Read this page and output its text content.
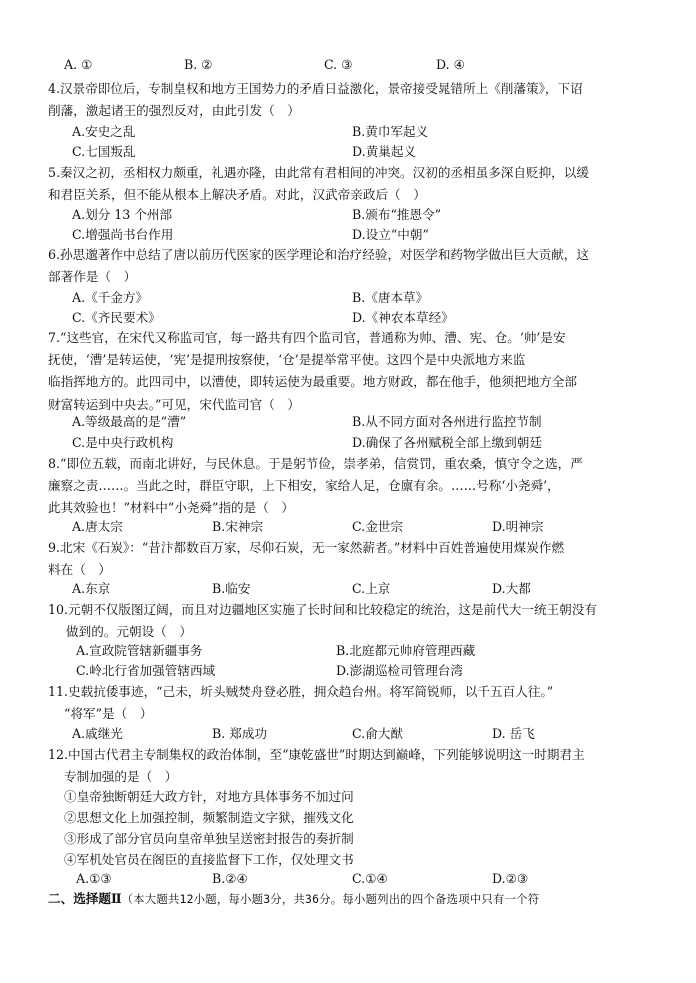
A. ①	B. ②	C. ③	D. ④

4.汉景帝即位后，专制皇权和地方王国势力的矛盾日益激化，景帝接受晁错所上《削藩策》，下诏

削藩，激起诸王的强烈反对，由此引发（　）

A.安史之乱	B.黄巾军起义
C.七国叛乱	D.黄巢起义

5.秦汉之初，丞相权力颇重，礼遇亦隆，由此常有君相间的冲突。汉初的丞相虽多深自贬抑，以缓

和君臣关系，但不能从根本上解决矛盾。对此，汉武帝亲政后（　）

A.划分 13 个州部	B.颁布“推恩令”
C.增强尚书台作用	D.设立“中朝”

6.孙思邈著作中总结了唐以前历代医家的医学理论和治疗经验，对医学和药物学做出巨大贡献，这

部著作是（　）

A.《千金方》	B.《唐本草》
C.《齐民要术》	D.《神农本草经》

7.“这些官，在宋代又称监司官，每一路共有四个监司官，普通称为帅、漕、宪、仓。‘帅’是安

抚使，‘漕’是转运使，‘宪’是提刑按察使，‘仓’是提举常平使。这四个是中央派地方来监

临指挥地方的。此四司中，以漕使，即转运使为最重要。地方财政，都在他手，他须把地方全部

财富转运到中央去。”可见，宋代监司官（　）

A.等级最高的是“漕”	B.从不同方面对各州进行监控节制
C.是中央行政机构	D.确保了各州赋税全部上缴到朝廷

8.“即位五载，而南北讲好，与民休息。于是躬节俭，崇孝弟，信赏罚，重农桑，慎守令之选，严

廉察之责……。当此之时，群臣守职，上下相安，家给人足，仓廪有余。……号称‘小尧舜’，

此其效验也！”材料中“小尧舜”指的是（　）

A.唐太宗	B.宋神宗	C.金世宗	D.明神宗

9.北宋《石炭》：“昔汴都数百万家，尽仰石炭，无一家然薪者。”材料中百姓普遍使用煤炭作燃

料在（　）

A.东京	B.临安	C.上京	D.大都

10.元朝不仅版图辽阔，而且对边疆地区实施了长时间和比较稳定的统治，这是前代大一统王朝没有

做到的。元朝设（　）

A.宣政院管辖新疆事务	B.北庭都元帅府管理西藏
C.岭北行省加强管辖西域	D.澎湖巡检司管理台湾

11.史载抗倭事迹，“己未，圻头贼焚舟登必胜，拥众趋台州。将军简锐师，以千五百人往。”

“将军”是（　）

A.戚继光	B. 郑成功	C.俞大猷	D. 岳飞

12.中国古代君主专制集权的政治体制，至“康乾盛世”时期达到巅峰，下列能够说明这一时期君主

专制加强的是（　）

①皇帝独断朝廷大政方针，对地方具体事务不加过问
②思想文化上加强控制，频繁制造文字狱，摧残文化
③形成了部分官员向皇帝单独呈送密封报告的奏折制
④军机处官员在阁臣的直接监督下工作，仅处理文书
A.①③	B.②④	C.①④	D.②③
二、选择题Ⅱ（本大题共12小题，每小题3分，共36分。每小题列出的四个备选项中只有一个符
